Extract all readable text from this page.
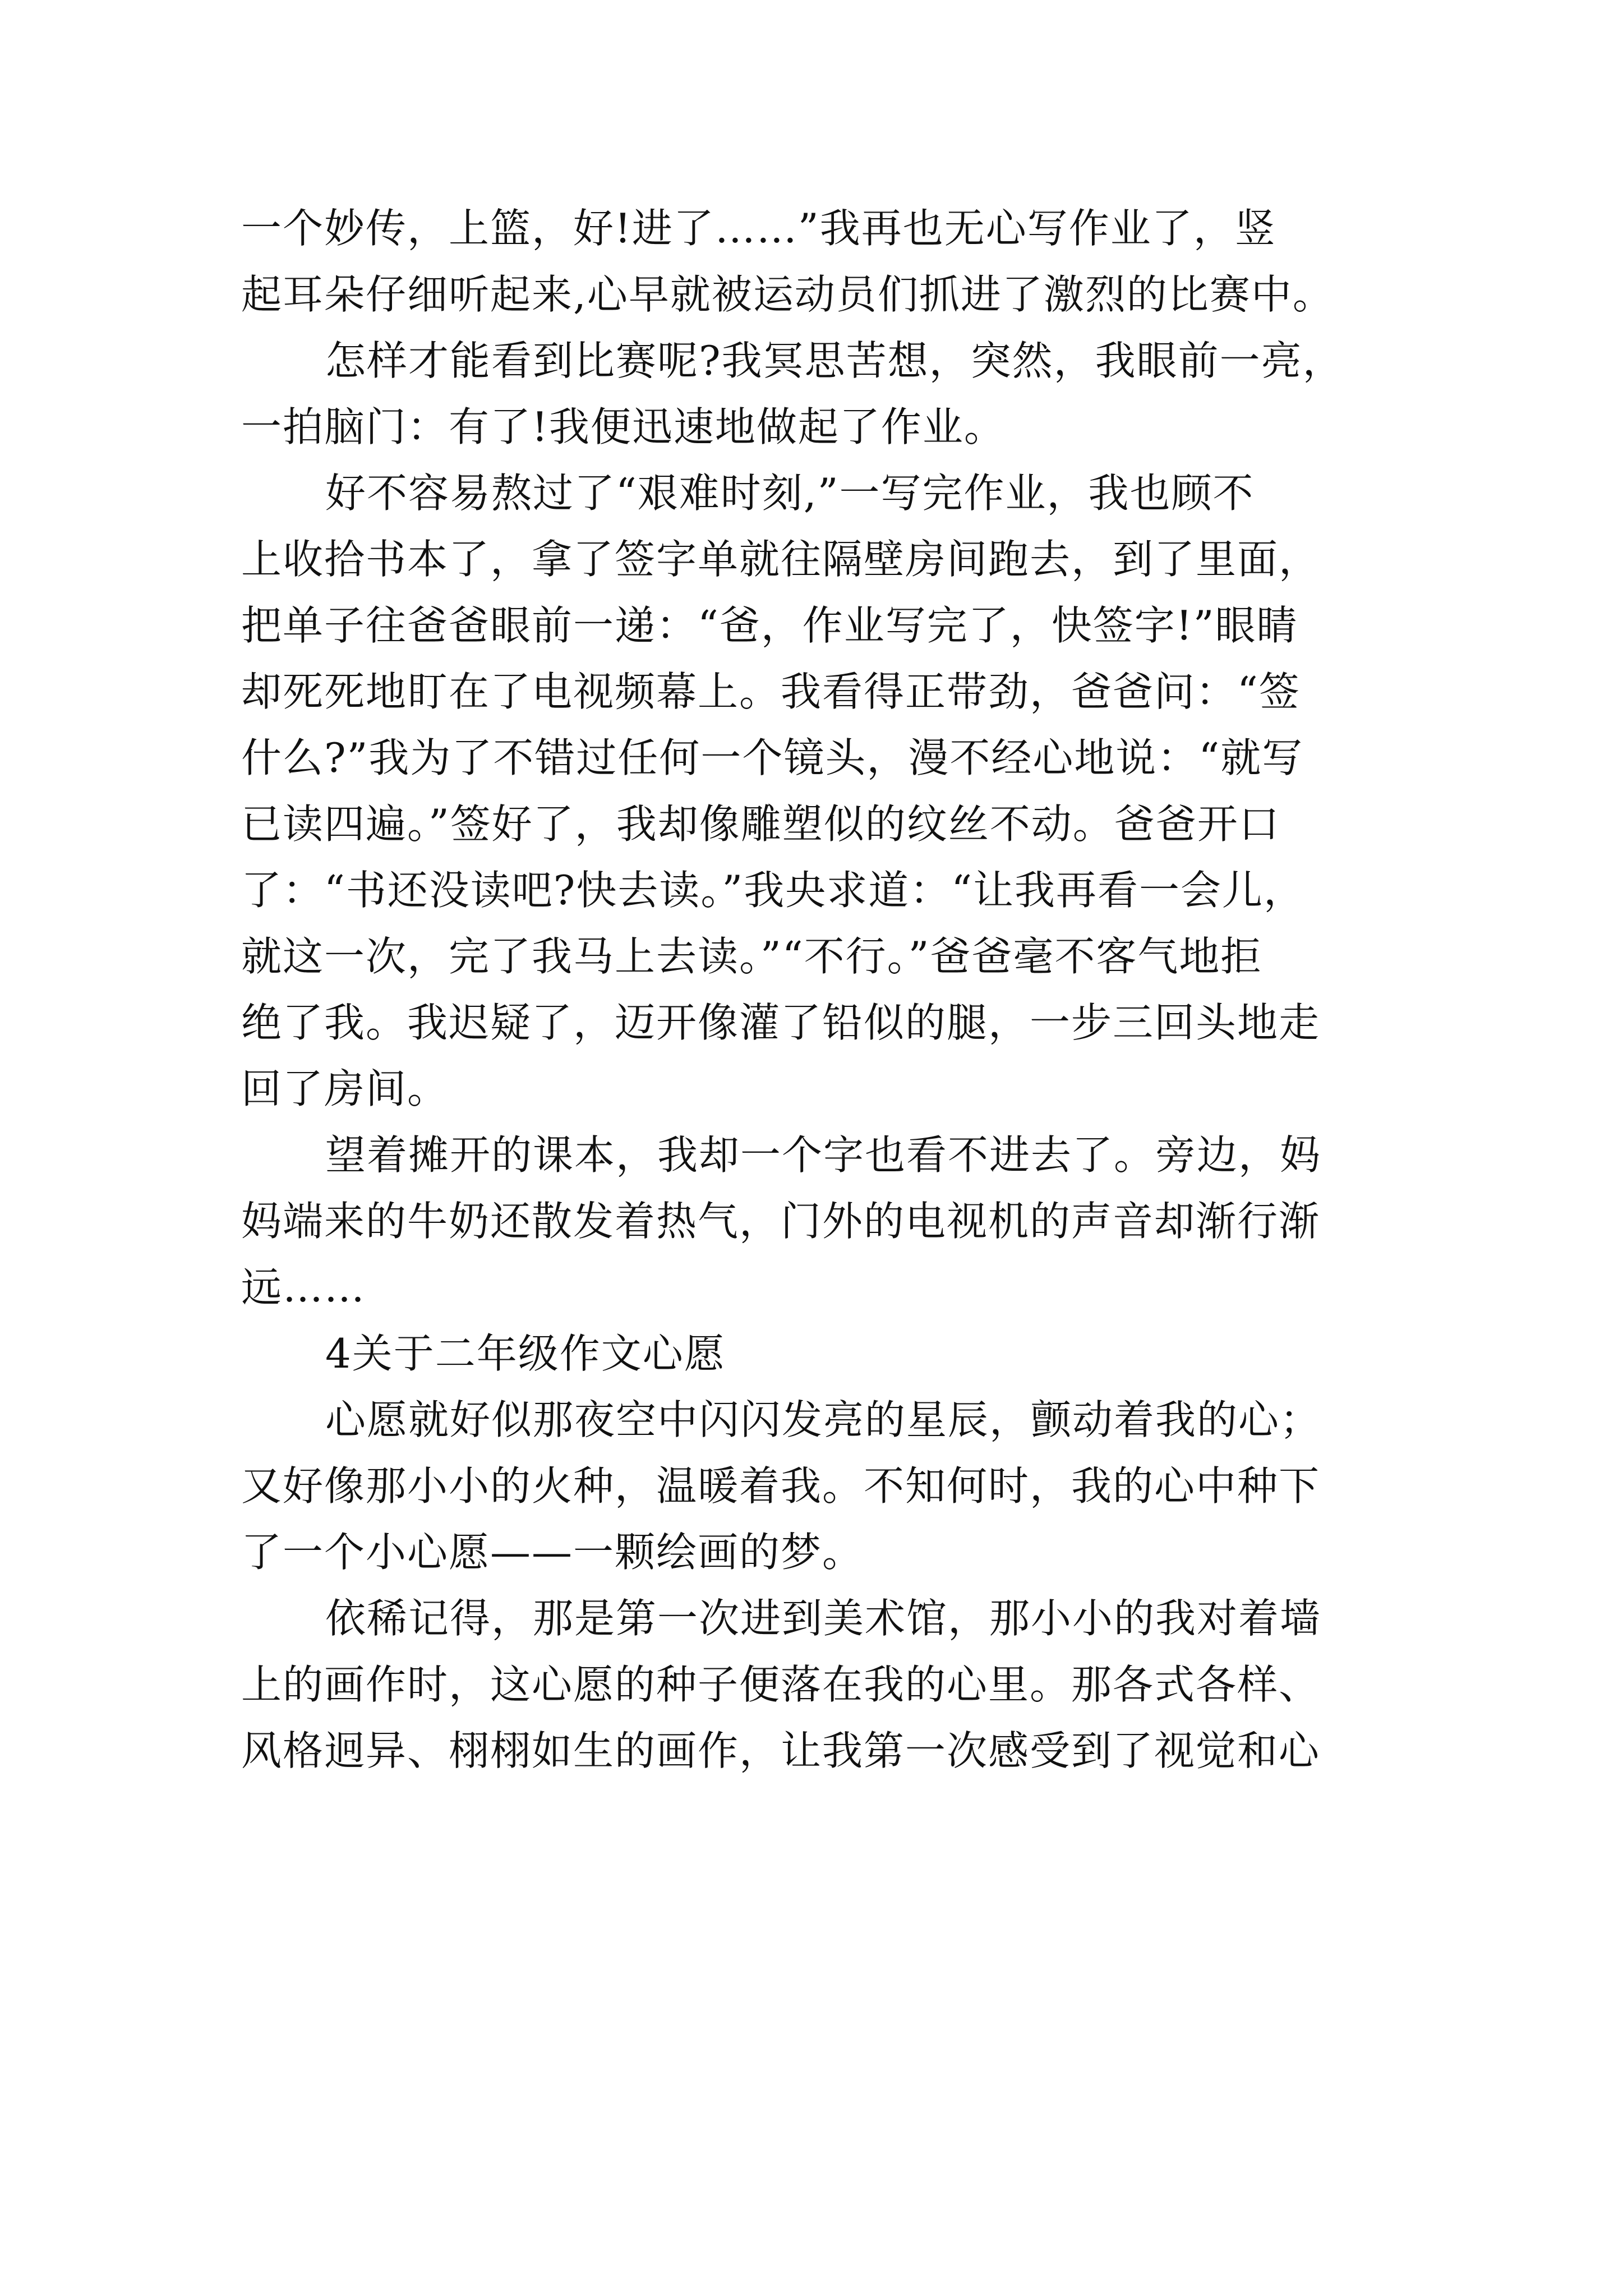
一个妙传，上篮，好!进了……”我再也无心写作业了，竖
起耳朵仔细听起来,心早就被运动员们抓进了激烈的比赛中。
怎样才能看到比赛呢?我冥思苦想，突然，我眼前一亮，
一拍脑门：有了!我便迅速地做起了作业。
好不容易熬过了“艰难时刻,”一写完作业，我也顾不
上收拾书本了，拿了签字单就往隔壁房间跑去，到了里面，
把单子往爸爸眼前一递：“爸，作业写完了，快签字!”眼睛
却死死地盯在了电视频幕上。我看得正带劲，爸爸问：“签
什么?”我为了不错过任何一个镜头，漫不经心地说：“就写
已读四遍。”签好了，我却像雕塑似的纹丝不动。爸爸开口
了：“书还没读吧?快去读。”我央求道：“让我再看一会儿，
就这一次，完了我马上去读。”“不行。”爸爸毫不客气地拒
绝了我。我迟疑了，迈开像灌了铅似的腿，一步三回头地走
回了房间。
望着摊开的课本，我却一个字也看不进去了。旁边，妈
妈端来的牛奶还散发着热气，门外的电视机的声音却渐行渐
远……
4关于二年级作文心愿
心愿就好似那夜空中闪闪发亮的星辰，颤动着我的心；
又好像那小小的火种，温暖着我。不知何时，我的心中种下
了一个小心愿——一颗绘画的梦。
依稀记得，那是第一次进到美术馆，那小小的我对着墙
上的画作时，这心愿的种子便落在我的心里。那各式各样、
风格迥异、栩栩如生的画作，让我第一次感受到了视觉和心
